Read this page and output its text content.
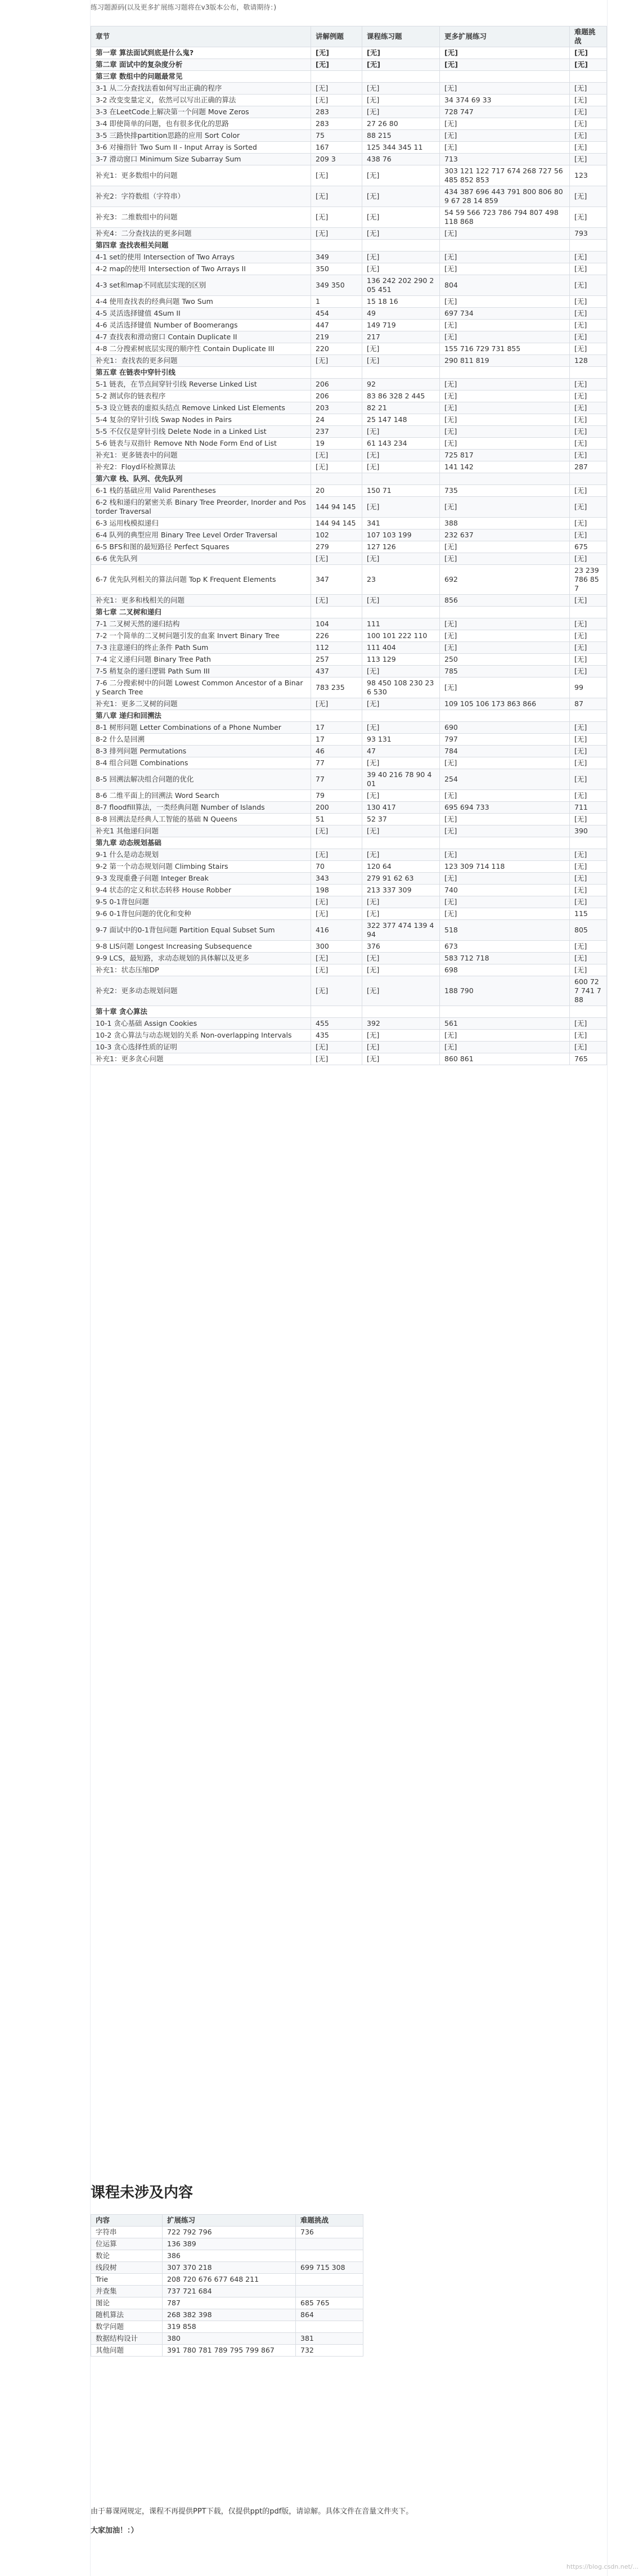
练习题源码(以及更多扩展练习题将在v3版本公布，敬请期待：)
章节	讲解例题	课程练习题	更多扩展练习	难题挑战
第一章 算法面试到底是什么鬼?	[无]	[无]	[无]	[无]
第二章 面试中的复杂度分析	[无]	[无]	[无]	[无]
第三章 数组中的问题最常见				
3-1 从二分查找法看如何写出正确的程序	[无]	[无]	[无]	[无]
3-2 改变变量定义，依然可以写出正确的算法	[无]	[无]	34 374 69 33	[无]
3-3 在LeetCode上解决第一个问题 Move Zeros	283	[无]	728 747	[无]
3-4 即使简单的问题，也有很多优化的思路	283	27 26 80	[无]	[无]
3-5 三路快排partition思路的应用 Sort Color	75	88 215	[无]	[无]
3-6 对撞指针 Two Sum II - Input Array is Sorted	167	125 344 345 11	[无]	[无]
3-7 滑动窗口 Minimum Size Subarray Sum	209 3	438 76	713	[无]
补充1：更多数组中的问题	[无]	[无]	303 121 122 717 674 268 727 56 485 852 853	123
补充2：字符数组（字符串）	[无]	[无]	434 387 696 443 791 800 806 809 67 28 14 859	[无]
补充3：二维数组中的问题	[无]	[无]	54 59 566 723 786 794 807 498 118 868	[无]
补充4：二分查找法的更多问题	[无]	[无]	[无]	793
第四章 查找表相关问题				
4-1 set的使用 Intersection of Two Arrays	349	[无]	[无]	[无]
4-2 map的使用 Intersection of Two Arrays II	350	[无]	[无]	[无]
4-3 set和map不同底层实现的区别	349 350	136 242 202 290 205 451	804	[无]
4-4 使用查找表的经典问题 Two Sum	1	15 18 16	[无]	[无]
4-5 灵活选择键值 4Sum II	454	49	697 734	[无]
4-6 灵活选择键值 Number of Boomerangs	447	149 719	[无]	[无]
4-7 查找表和滑动窗口 Contain Duplicate II	219	217	[无]	[无]
4-8 二分搜索树底层实现的顺序性 Contain Duplicate III	220	[无]	155 716 729 731 855	[无]
补充1：查找表的更多问题	[无]	[无]	290 811 819	128
第五章 在链表中穿针引线				
5-1 链表，在节点间穿针引线 Reverse Linked List	206	92	[无]	[无]
5-2 测试你的链表程序	206	83 86 328 2 445	[无]	[无]
5-3 设立链表的虚拟头结点 Remove Linked List Elements	203	82 21	[无]	[无]
5-4 复杂的穿针引线 Swap Nodes in Pairs	24	25 147 148	[无]	[无]
5-5 不仅仅是穿针引线 Delete Node in a Linked List	237	[无]	[无]	[无]
5-6 链表与双指针 Remove Nth Node Form End of List	19	61 143 234	[无]	[无]
补充1：更多链表中的问题	[无]	[无]	725 817	[无]
补充2：Floyd环检测算法	[无]	[无]	141 142	287
第六章 栈、队列、优先队列				
6-1 栈的基础应用 Valid Parentheses	20	150 71	735	[无]
6-2 栈和递归的紧密关系 Binary Tree Preorder, Inorder and Postorder Traversal	144 94 145	[无]	[无]	[无]
6-3 运用栈模拟递归	144 94 145	341	388	[无]
6-4 队列的典型应用 Binary Tree Level Order Traversal	102	107 103 199	232 637	[无]
6-5 BFS和图的最短路径 Perfect Squares	279	127 126	[无]	675
6-6 优先队列	[无]	[无]	[无]	[无]
6-7 优先队列相关的算法问题 Top K Frequent Elements	347	23	692	23 239 786 857
补充1：更多和栈相关的问题	[无]	[无]	856	[无]
第七章 二叉树和递归				
7-1 二叉树天然的递归结构	104	111	[无]	[无]
7-2 一个简单的二叉树问题引发的血案 Invert Binary Tree	226	100 101 222 110	[无]	[无]
7-3 注意递归的终止条件 Path Sum	112	111 404	[无]	[无]
7-4 定义递归问题 Binary Tree Path	257	113 129	250	[无]
7-5 稍复杂的递归逻辑 Path Sum III	437	[无]	785	[无]
7-6 二分搜索树中的问题 Lowest Common Ancestor of a Binary Search Tree	783 235	98 450 108 230 236 530	[无]	99
补充1：更多二叉树的问题	[无]	[无]	109 105 106 173 863 866	87
第八章 递归和回溯法				
8-1 树形问题 Letter Combinations of a Phone Number	17	[无]	690	[无]
8-2 什么是回溯	17	93 131	797	[无]
8-3 排列问题 Permutations	46	47	784	[无]
8-4 组合问题 Combinations	77	[无]	[无]	[无]
8-5 回溯法解决组合问题的优化	77	39 40 216 78 90 401	254	[无]
8-6 二维平面上的回溯法 Word Search	79	[无]	[无]	[无]
8-7 floodfill算法，一类经典问题 Number of Islands	200	130 417	695 694 733	711
8-8 回溯法是经典人工智能的基础 N Queens	51	52 37	[无]	[无]
补充1 其他递归问题	[无]	[无]	[无]	390
第九章 动态规划基础				
9-1 什么是动态规划	[无]	[无]	[无]	[无]
9-2 第一个动态规划问题 Climbing Stairs	70	120 64	123 309 714 118	[无]
9-3 发现重叠子问题 Integer Break	343	279 91 62 63	[无]	[无]
9-4 状态的定义和状态转移 House Robber	198	213 337 309	740	[无]
9-5 0-1背包问题	[无]	[无]	[无]	[无]
9-6 0-1背包问题的优化和变种	[无]	[无]	[无]	115
9-7 面试中的0-1背包问题 Partition Equal Subset Sum	416	322 377 474 139 494	518	805
9-8 LIS问题 Longest Increasing Subsequence	300	376	673	[无]
9-9 LCS，最短路，求动态规划的具体解以及更多	[无]	[无]	583 712 718	[无]
补充1：状态压缩DP	[无]	[无]	698	[无]
补充2：更多动态规划问题	[无]	[无]	188 790	600 727 741 788
第十章 贪心算法				
10-1 贪心基础 Assign Cookies	455	392	561	[无]
10-2 贪心算法与动态规划的关系 Non-overlapping Intervals	435	[无]	[无]	[无]
10-3 贪心选择性质的证明	[无]	[无]	[无]	[无]
补充1：更多贪心问题	[无]	[无]	860 861	765
课程未涉及内容
内容	扩展练习	难题挑战
字符串	722 792 796	736
位运算	136 389	
数论	386	
线段树	307 370 218	699 715 308
Trie	208 720 676 677 648 211	
并查集	737 721 684	
图论	787	685 765
随机算法	268 382 398	864
数学问题	319 858	
数据结构设计	380	381
其他问题	391 780 781 789 795 799 867	732
由于幕课网规定，课程不再提供PPT下载，仅提供ppt的pdf版，请谅解。具体文件在音量文件夹下。
大家加油！：）
https://blog.csdn.net/...
